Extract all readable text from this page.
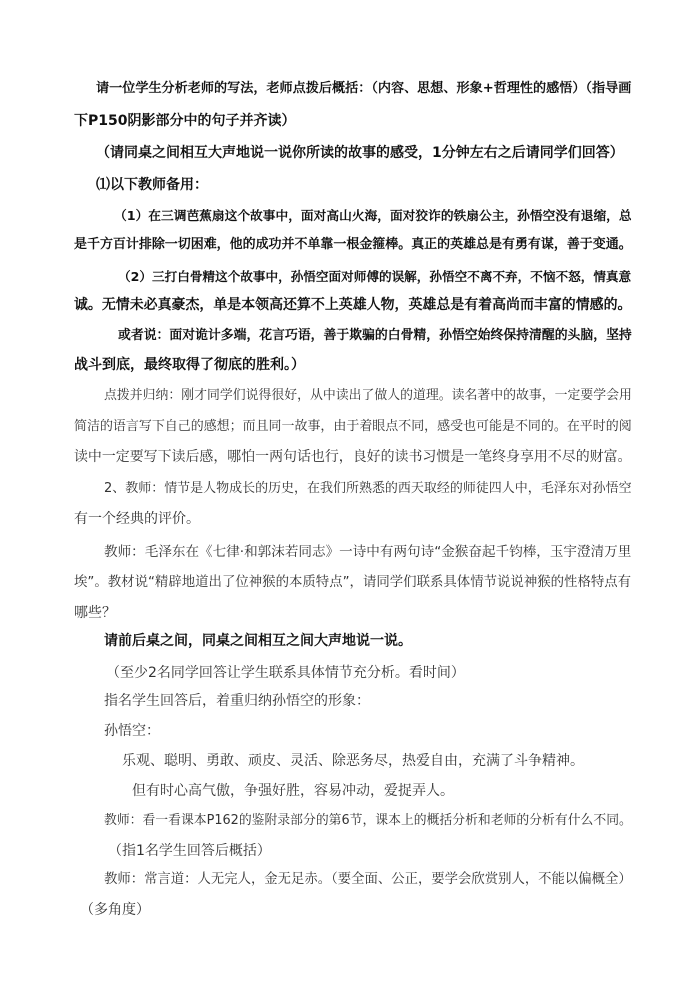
请一位学生分析老师的写法，老师点拨后概括：（内容、思想、形象+哲理性的感悟）（指导画
下P150阴影部分中的句子并齐读）
（请同桌之间相互大声地说一说你所读的故事的感受，1分钟左右之后请同学们回答）
⑴以下教师备用：
（1）在三调芭蕉扇这个故事中，面对高山火海，面对狡诈的铁扇公主，孙悟空没有退缩，总
是千方百计排除一切困难，他的成功并不单靠一根金箍棒。真正的英雄总是有勇有谋，善于变通。
（2）三打白骨精这个故事中，孙悟空面对师傅的误解，孙悟空不离不弃，不恼不怒，情真意
诚。无情未必真豪杰，单是本领高还算不上英雄人物，英雄总是有着高尚而丰富的情感的。
或者说：面对诡计多端，花言巧语，善于欺骗的白骨精，孙悟空始终保持清醒的头脑，坚持
战斗到底，最终取得了彻底的胜利。）
点拨并归纳：刚才同学们说得很好，从中读出了做人的道理。读名著中的故事，一定要学会用
简洁的语言写下自己的感想；而且同一故事，由于着眼点不同，感受也可能是不同的。在平时的阅
读中一定要写下读后感，哪怕一两句话也行，良好的读书习惯是一笔终身享用不尽的财富。
2、教师：情节是人物成长的历史，在我们所熟悉的西天取经的师徒四人中，毛泽东对孙悟空
有一个经典的评价。
教师：毛泽东在《七律·和郭沫若同志》一诗中有两句诗“金猴奋起千钧棒，玉宇澄清万里
埃”。教材说“精辟地道出了位神猴的本质特点”，请同学们联系具体情节说说神猴的性格特点有
哪些？
请前后桌之间，同桌之间相互之间大声地说一说。
（至少2名同学回答让学生联系具体情节充分析。看时间）
指名学生回答后，着重归纳孙悟空的形象：
孙悟空：
乐观、聪明、勇敢、顽皮、灵活、除恶务尽，热爱自由，充满了斗争精神。
但有时心高气傲，争强好胜，容易冲动，爱捉弄人。
教师：看一看课本P162的鉴附录部分的第6节，课本上的概括分析和老师的分析有什么不同。
（指1名学生回答后概括）
教师：常言道：人无完人，金无足赤。（要全面、公正，要学会欣赏别人，不能以偏概全）
（多角度）
